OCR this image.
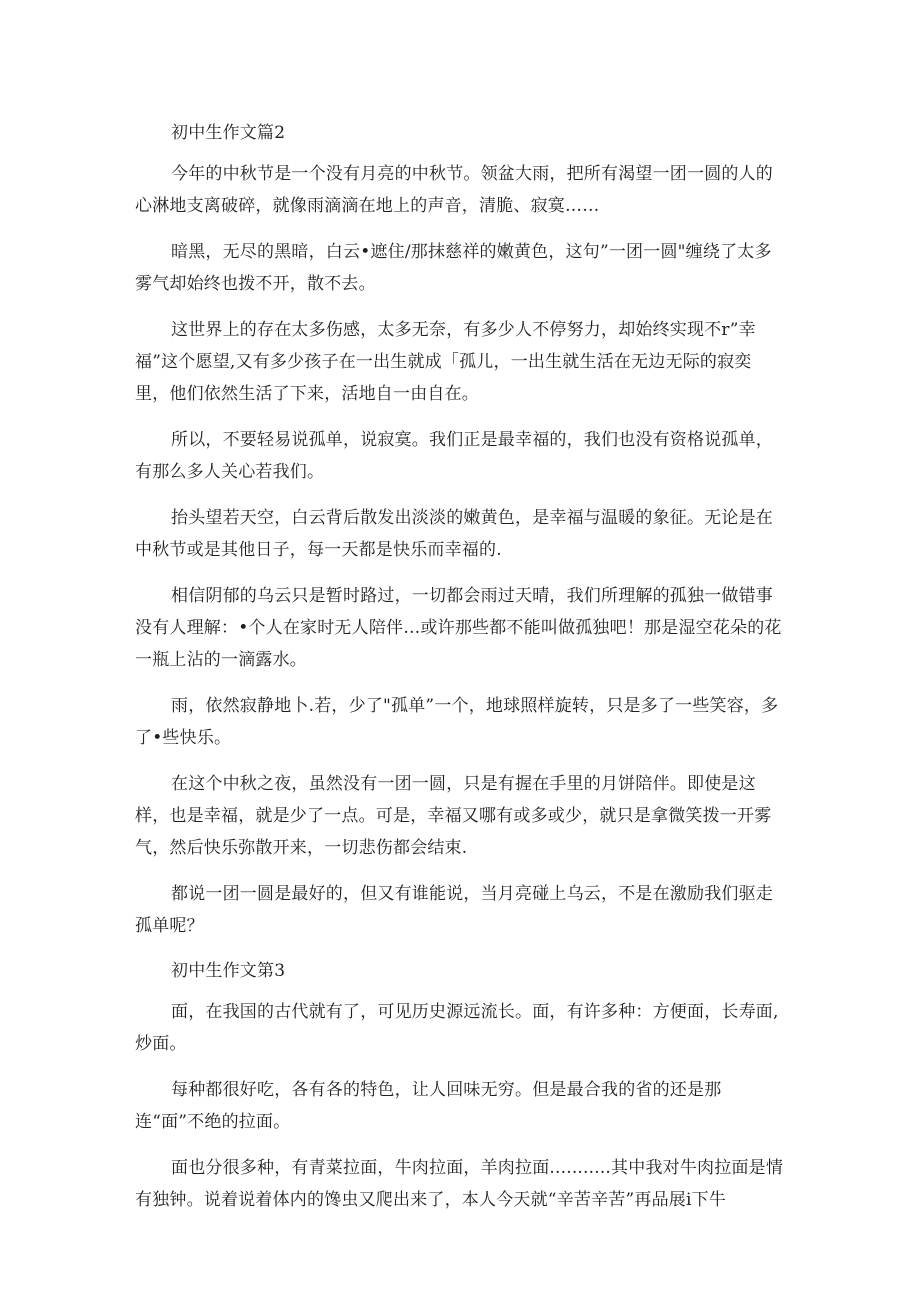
初中生作文篇2

今年的中秋节是一个没有月亮的中秋节。领盆大雨，把所有渴望一团一圆的人的心淋地支离破碎，就像雨滴滴在地上的声音，清脆、寂寞……

暗黑，无尽的黑暗，白云•遮住/那抹慈祥的嫩黄色，这句”一团一圆"缠绕了太多雾气却始终也拨不开，散不去。

这世界上的存在太多伤感，太多无奈，有多少人不停努力，却始终实现不r”幸福”这个愿望,又有多少孩子在一出生就成「孤儿，一出生就生活在无边无际的寂奕里，他们依然生活了下来，活地自一由自在。

所以，不要轻易说孤单，说寂寞。我们正是最幸福的，我们也没有资格说孤单，有那么多人关心若我们。

抬头望若天空，白云背后散发出淡淡的嫩黄色，是幸福与温暖的象征。无论是在中秋节或是其他日子，每一天都是快乐而幸福的.

相信阴郁的乌云只是暂时路过，一切都会雨过天晴，我们所理解的孤独一做错事没有人理解：•个人在家时无人陪伴…或许那些都不能叫做孤独吧！那是湿空花朵的花一瓶上沾的一滴露水。

雨，依然寂静地卜.若，少了"孤单”一个，地球照样旋转，只是多了一些笑容，多了•些快乐。

在这个中秋之夜，虽然没有一团一圆，只是有握在手里的月饼陪伴。即使是这样，也是幸福，就是少了一点。可是，幸福又哪有或多或少，就只是拿微笑拨一开雾气，然后快乐弥散开来，一切悲伤都会结束.

都说一团一圆是最好的，但又有谁能说，当月亮碰上乌云，不是在激励我们驱走孤单呢？

初中生作文第3

面，在我国的古代就有了，可见历史源远流长。面，有许多种：方便面，长寿面,炒面。

每种都很好吃，各有各的特色，让人回味无穷。但是最合我的省的还是那连“面”不绝的拉面。

面也分很多种，有青菜拉面，牛肉拉面，羊肉拉面...........其中我对牛肉拉面是情有独钟。说着说着体内的馋虫又爬出来了，本人今天就“辛苦辛苦”再品展i下牛
